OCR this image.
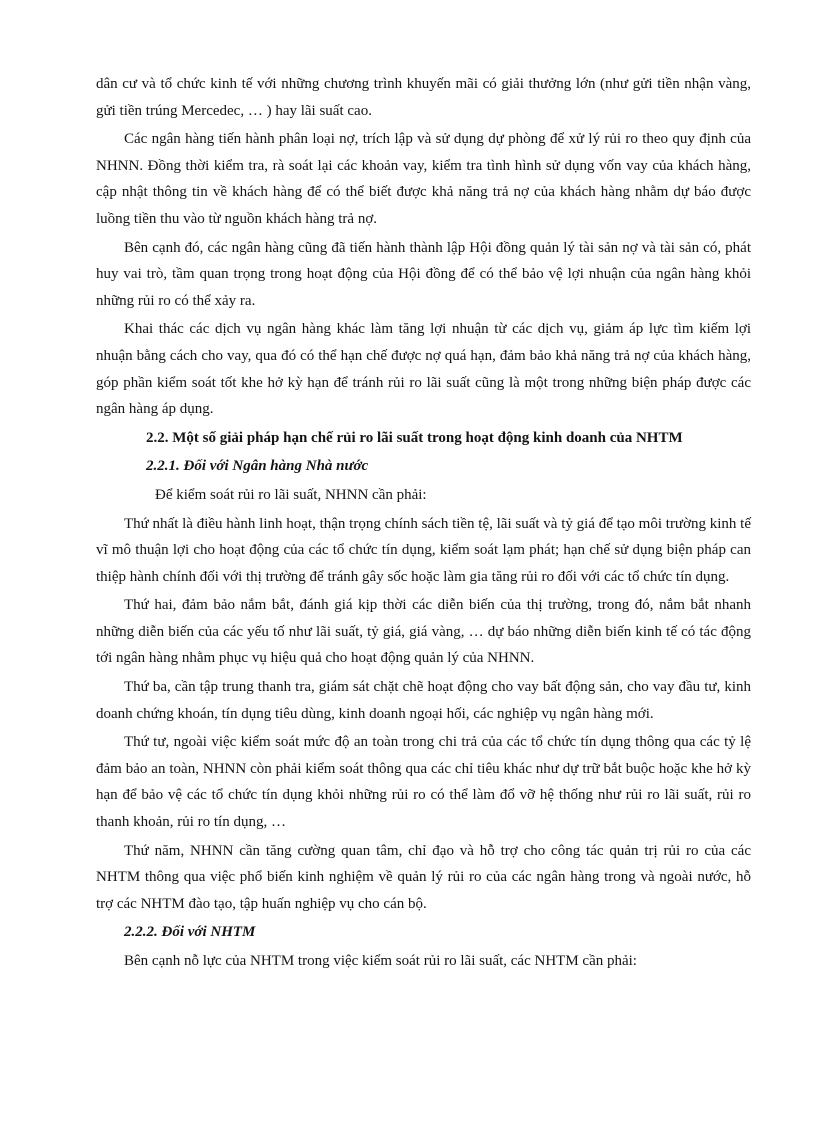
dân cư và tổ chức kinh tế với những chương trình khuyến mãi có giải thưởng lớn (như gửi tiền nhận vàng, gửi tiền trúng Mercedec, … ) hay lãi suất cao.

Các ngân hàng tiến hành phân loại nợ, trích lập và sử dụng dự phòng để xử lý rủi ro theo quy định của NHNN. Đồng thời kiểm tra, rà soát lại các khoản vay, kiểm tra tình hình sử dụng vốn vay của khách hàng, cập nhật thông tin về khách hàng để có thể biết được khả năng trả nợ của khách hàng nhằm dự báo được luồng tiền thu vào từ nguồn khách hàng trả nợ.

Bên cạnh đó, các ngân hàng cũng đã tiến hành thành lập Hội đồng quản lý tài sản nợ và tài sản có, phát huy vai trò, tầm quan trọng trong hoạt động của Hội đồng để có thể bảo vệ lợi nhuận của ngân hàng khỏi những rủi ro có thể xảy ra.

Khai thác các dịch vụ ngân hàng khác làm tăng lợi nhuận từ các dịch vụ, giảm áp lực tìm kiếm lợi nhuận bằng cách cho vay, qua đó có thể hạn chế được nợ quá hạn, đảm bảo khả năng trả nợ của khách hàng, góp phần kiểm soát tốt khe hở kỳ hạn để tránh rủi ro lãi suất cũng là một trong những biện pháp được các ngân hàng áp dụng.

2.2. Một số giải pháp hạn chế rủi ro lãi suất trong hoạt động kinh doanh của NHTM

2.2.1. Đối với Ngân hàng Nhà nước

Để kiểm soát rủi ro lãi suất, NHNN cần phải:

Thứ nhất là điều hành linh hoạt, thận trọng chính sách tiền tệ, lãi suất và tỷ giá để tạo môi trường kinh tế vĩ mô thuận lợi cho hoạt động của các tổ chức tín dụng, kiểm soát lạm phát; hạn chế sử dụng biện pháp can thiệp hành chính đối với thị trường để tránh gây sốc hoặc làm gia tăng rủi ro đối với các tổ chức tín dụng.

Thứ hai, đảm bảo nắm bắt, đánh giá kịp thời các diễn biến của thị trường, trong đó, nắm bắt nhanh những diễn biến của các yếu tố như lãi suất, tỷ giá, giá vàng, … dự báo những diễn biến kinh tế có tác động tới ngân hàng nhằm phục vụ hiệu quả cho hoạt động quản lý của NHNN.

Thứ ba, cần tập trung thanh tra, giám sát chặt chẽ hoạt động cho vay bất động sản, cho vay đầu tư, kinh doanh chứng khoán, tín dụng tiêu dùng, kinh doanh ngoại hối, các nghiệp vụ ngân hàng mới.

Thứ tư, ngoài việc kiểm soát mức độ an toàn trong chi trả của các tổ chức tín dụng thông qua các tỷ lệ đảm bảo an toàn, NHNN còn phải kiểm soát thông qua các chỉ tiêu khác như dự trữ bắt buộc hoặc khe hở kỳ hạn để bảo vệ các tổ chức tín dụng khỏi những rủi ro có thể làm đổ vỡ hệ thống như rủi ro lãi suất, rủi ro thanh khoản, rủi ro tín dụng, …

Thứ năm, NHNN cần tăng cường quan tâm, chỉ đạo và hỗ trợ cho công tác quản trị rủi ro của các NHTM thông qua việc phổ biến kinh nghiệm về quản lý rủi ro của các ngân hàng trong và ngoài nước, hỗ trợ các NHTM đào tạo, tập huấn nghiệp vụ cho cán bộ.

2.2.2. Đối với NHTM

Bên cạnh nỗ lực của NHTM trong việc kiểm soát rủi ro lãi suất, các NHTM cần phải:
